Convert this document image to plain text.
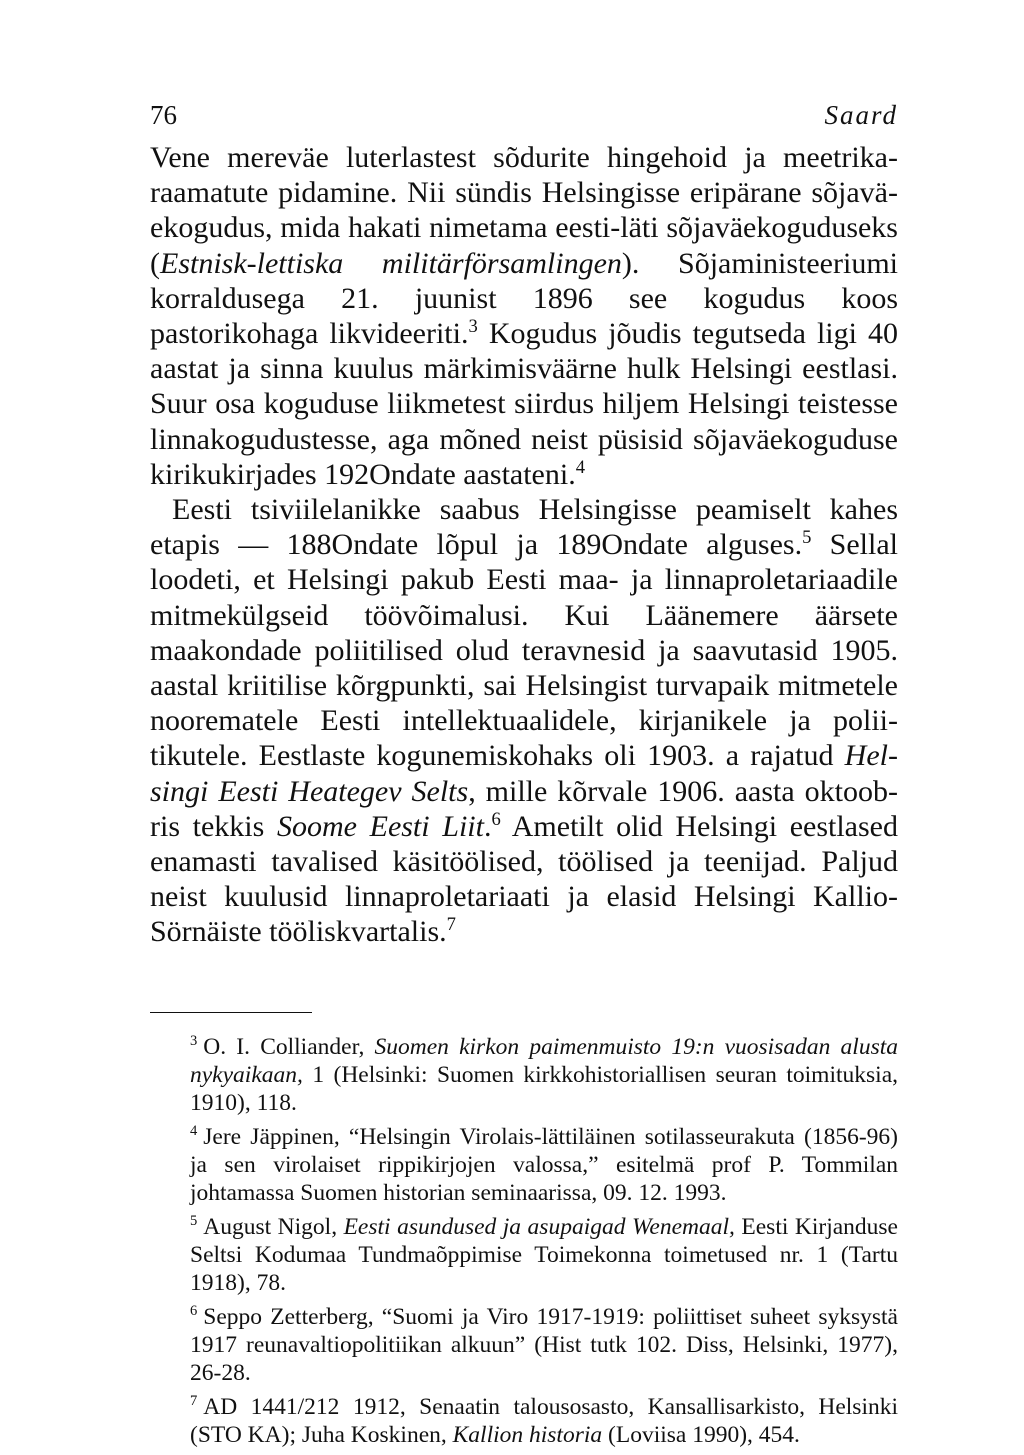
76	Saard

Vene mereväe luterlastest sõdurite hingehoid ja meetrikaraamatute pidamine. Nii sündis Helsingisse eripärane sõjaväekogudus, mida hakati nimetama eesti-läti sõjaväekoguduseks (Estnisk-lettiska militärförsamlingen). Sõjaministeeriumi korraldusega 21. juunist 1896 see kogudus koos pastorikohaga likvideeriti.$^3$ Kogudus jõudis tegutseda ligi 40 aastat ja sinna kuulus märkimisväärne hulk Helsingi eestlasi. Suur osa koguduse liikmetest siirdus hiljem Helsingi teistesse linnakogudustesse, aga mõned neist püsisid sõjaväekoguduse kirikukirjades 192Ondate aastateni.$^4$

Eesti tsiviilelanikke saabus Helsingisse peamiselt kahes etapis — 188Ondate lõpul ja 189Ondate alguses.$^5$ Sellal loodeti, et Helsingi pakub Eesti maa- ja linnaproletariaadile mitmekülgseid töövõimalusi. Kui Läänemere äärsete maakondade poliitilised olud teravnesid ja saavutasid 1905. aastal kriitilise kõrgpunkti, sai Helsingist turvapaik mitmetele noorematele Eesti intellektuaalidele, kirjanikele ja poliitikutele. Eestlaste kogunemiskohaks oli 1903. a rajatud Helsingi Eesti Heategev Selts, mille kõrvale 1906. aasta oktoobris tekkis Soome Eesti Liit.$^6$ Ametilt olid Helsingi eestlased enamasti tavalised käsitöölised, töölised ja teenijad. Paljud neist kuulusid linnaproletariaati ja elasid Helsingi Kallio-Sörnäiste tööliskvartalis.$^7$

$^3$ O. I. Colliander, Suomen kirkon paimenmuisto 19:n vuosisadan alusta nykyaikaan, 1 (Helsinki: Suomen kirkkohistoriallisen seuran toimituksia, 1910), 118.

$^4$ Jere Jäppinen, “Helsingin Virolais-lättiläinen sotilasseurakuta (1856-96) ja sen virolaiset rippikirjojen valossa,” esitelmä prof P. Tommilan johtamassa Suomen historian seminaarissa, 09. 12. 1993.

$^5$ August Nigol, Eesti asundused ja asupaigad Wenemaal, Eesti Kirjanduse Seltsi Kodumaa Tundmaõppimise Toimekonna toimetused nr. 1 (Tartu 1918), 78.

$^6$ Seppo Zetterberg, “Suomi ja Viro 1917-1919: poliittiset suheet syksystä 1917 reunavaltiopolitiikan alkuun” (Hist tutk 102. Diss, Helsinki, 1977), 26-28.

$^7$ AD 1441/212 1912, Senaatin talousosasto, Kansallisarkisto, Helsinki (STO KA); Juha Koskinen, Kallion historia (Loviisa 1990), 454.
